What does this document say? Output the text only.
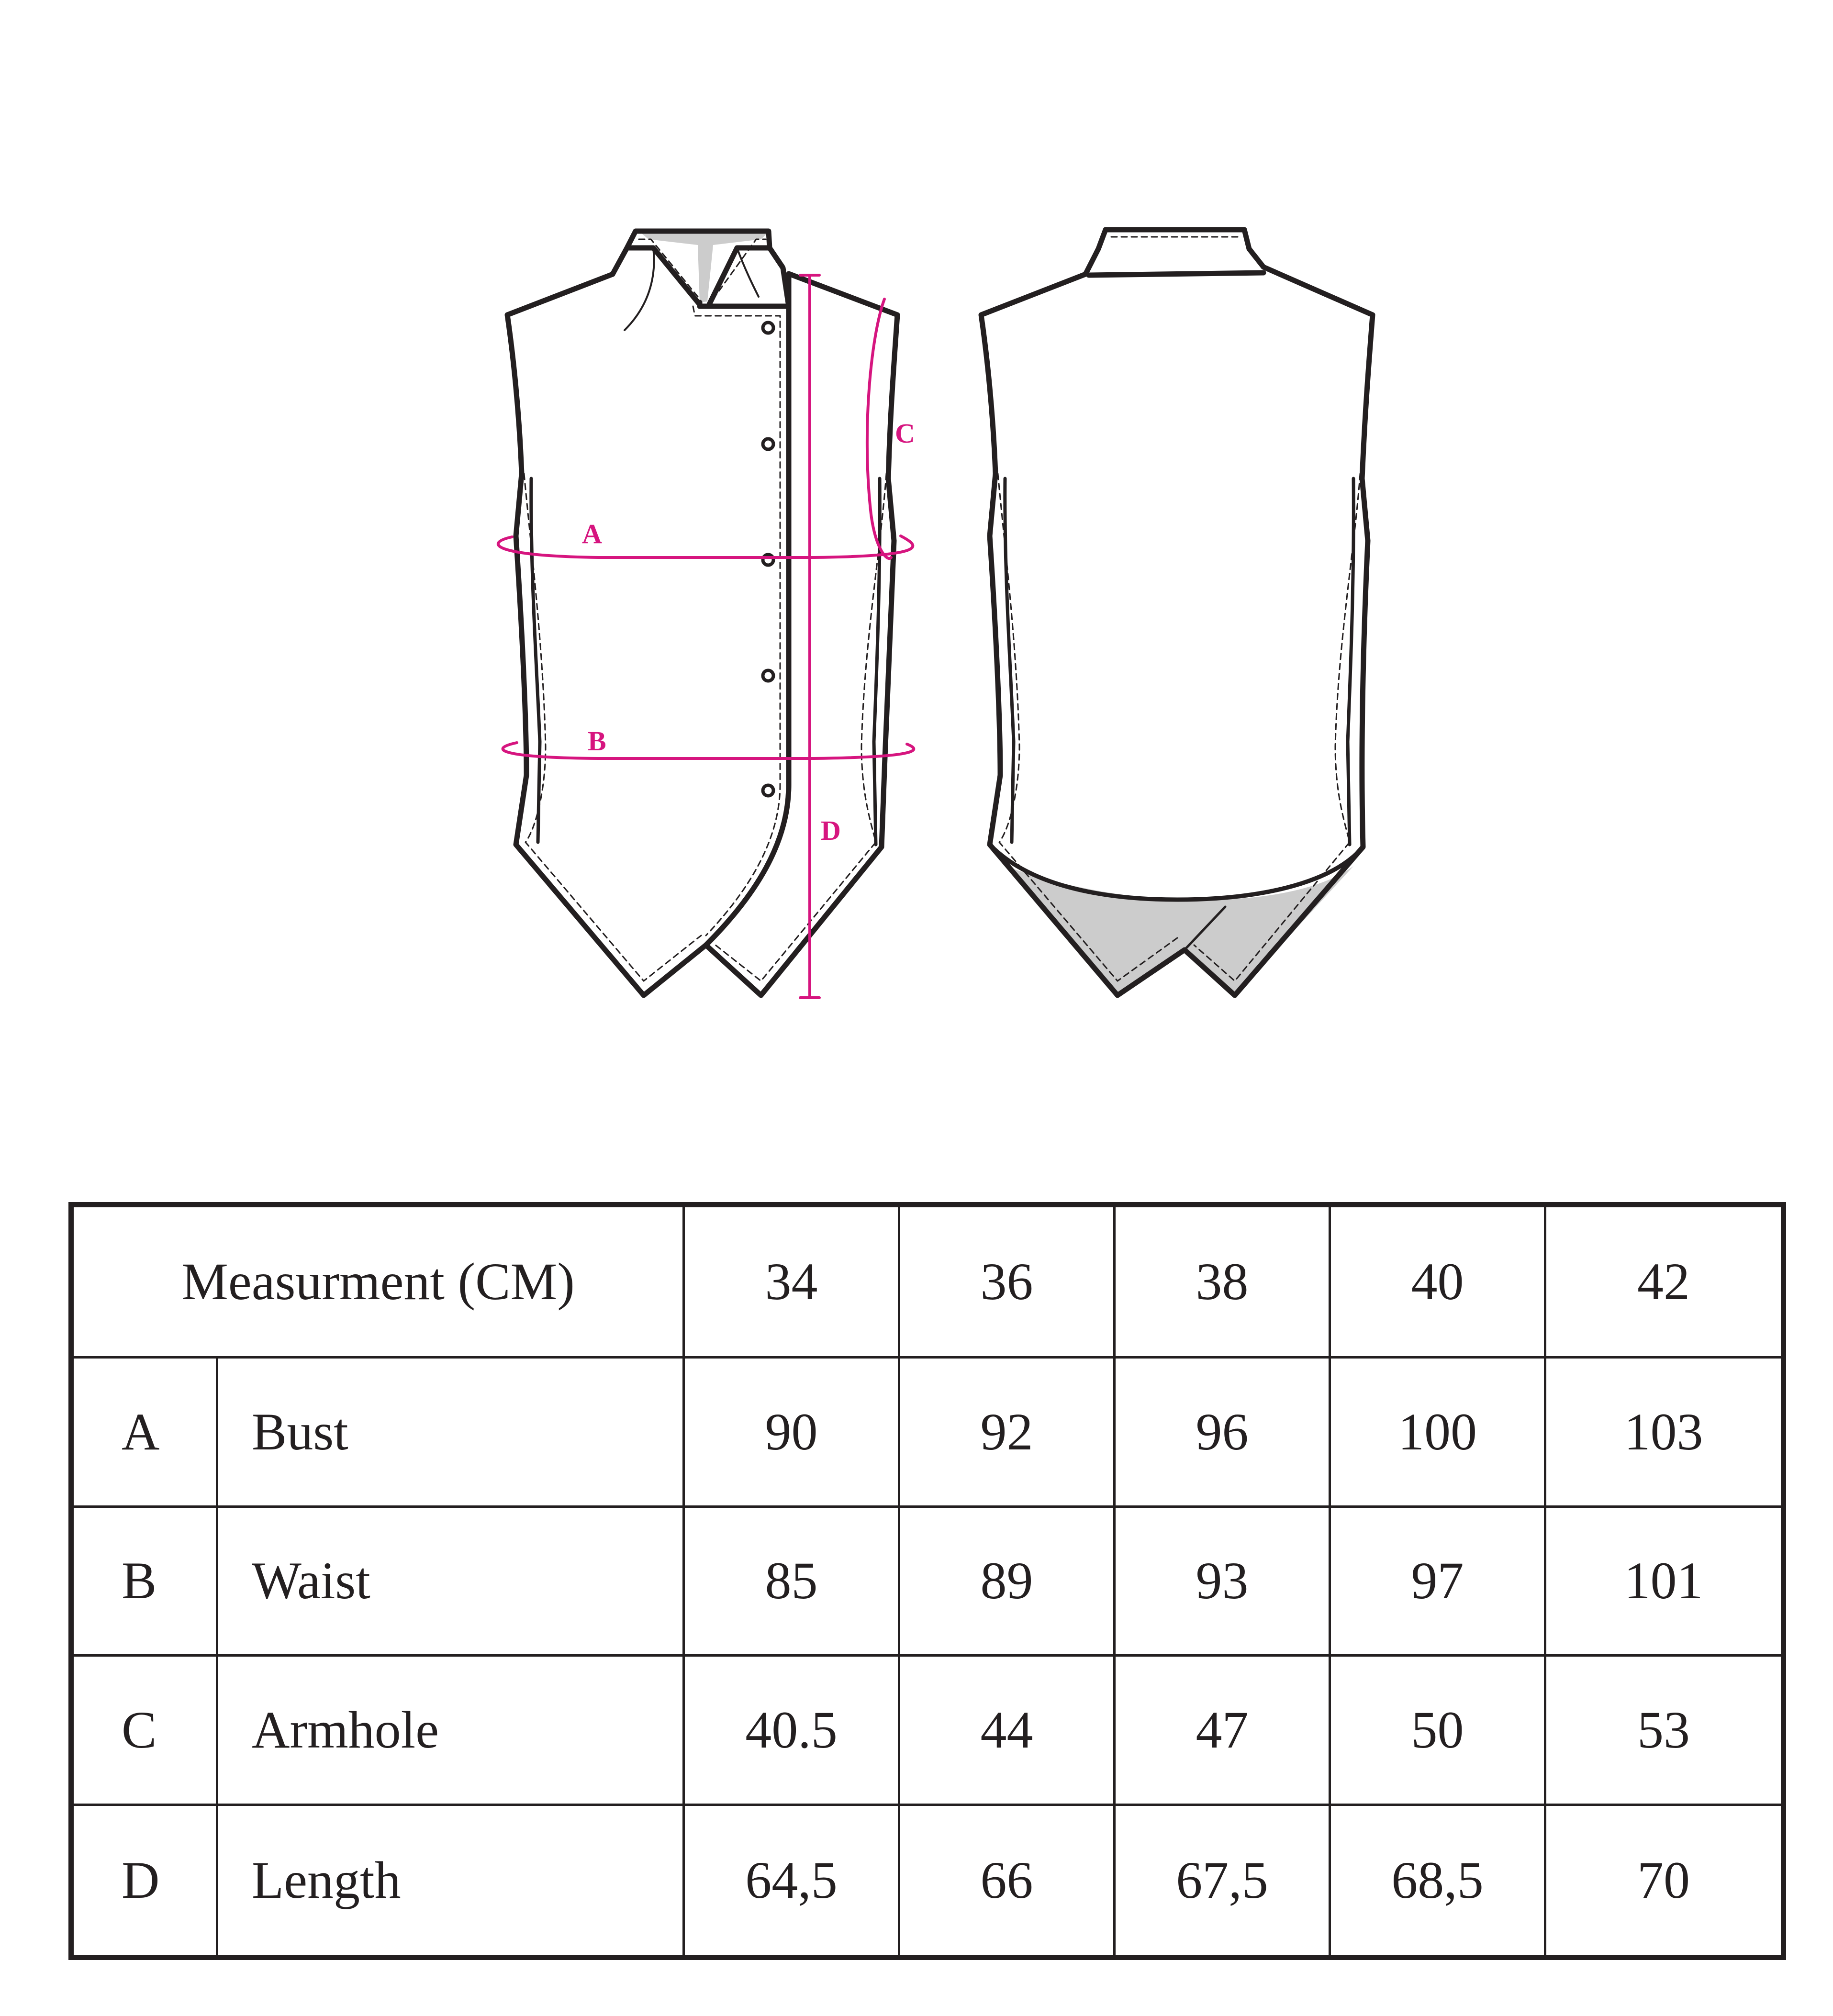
A
B
C
D
Measurment (CM)		34	36	38	40	42
A	Bust	90	92	96	100	103
B	Waist	85	89	93	97	101
C	Armhole	40.5	44	47	50	53
D	Length	64,5	66	67,5	68,5	70
